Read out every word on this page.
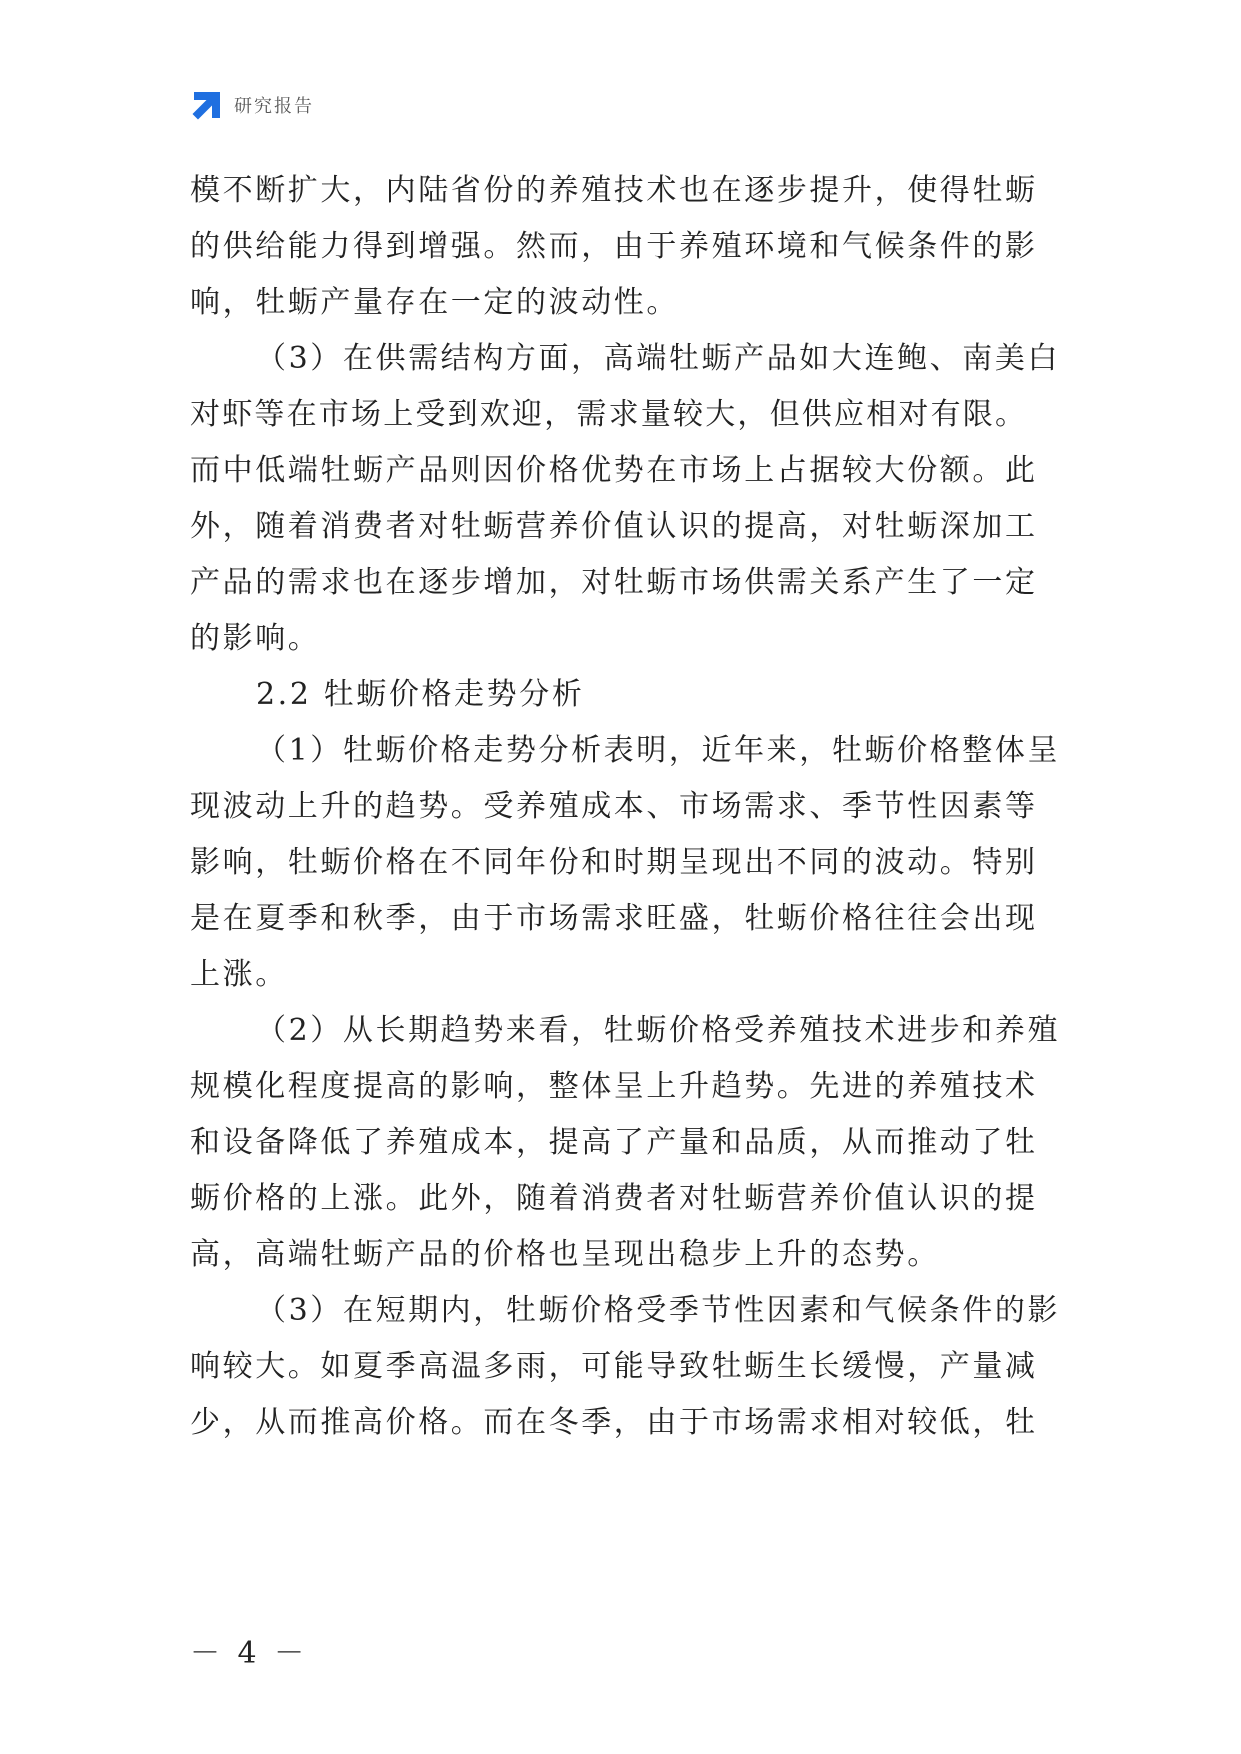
研究报告
模不断扩大，内陆省份的养殖技术也在逐步提升，使得牡蛎
的供给能力得到增强。然而，由于养殖环境和气候条件的影
响，牡蛎产量存在一定的波动性。
（3）在供需结构方面，高端牡蛎产品如大连鲍、南美白
对虾等在市场上受到欢迎，需求量较大，但供应相对有限。
而中低端牡蛎产品则因价格优势在市场上占据较大份额。此
外，随着消费者对牡蛎营养价值认识的提高，对牡蛎深加工
产品的需求也在逐步增加，对牡蛎市场供需关系产生了一定
的影响。
2.2 牡蛎价格走势分析
（1）牡蛎价格走势分析表明，近年来，牡蛎价格整体呈
现波动上升的趋势。受养殖成本、市场需求、季节性因素等
影响，牡蛎价格在不同年份和时期呈现出不同的波动。特别
是在夏季和秋季，由于市场需求旺盛，牡蛎价格往往会出现
上涨。
（2）从长期趋势来看，牡蛎价格受养殖技术进步和养殖
规模化程度提高的影响，整体呈上升趋势。先进的养殖技术
和设备降低了养殖成本，提高了产量和品质，从而推动了牡
蛎价格的上涨。此外，随着消费者对牡蛎营养价值认识的提
高，高端牡蛎产品的价格也呈现出稳步上升的态势。
（3）在短期内，牡蛎价格受季节性因素和气候条件的影
响较大。如夏季高温多雨，可能导致牡蛎生长缓慢，产量减
少，从而推高价格。而在冬季，由于市场需求相对较低，牡
－ 4 －
